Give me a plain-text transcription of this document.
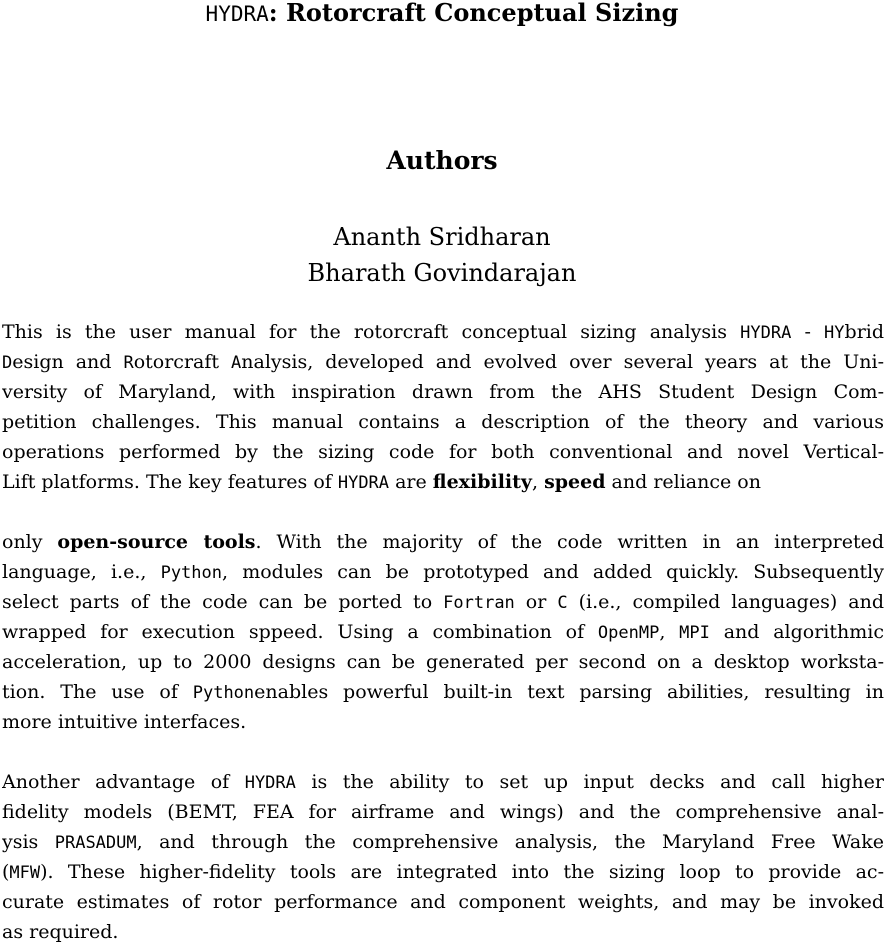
HYDRA: Rotorcraft Conceptual Sizing
Authors
Ananth Sridharan
Bharath Govindarajan
This is the user manual for the rotorcraft conceptual sizing analysis HYDRA - HYbrid
Design and Rotorcraft Analysis, developed and evolved over several years at the Uni-
versity of Maryland, with inspiration drawn from the AHS Student Design Com-
petition challenges. This manual contains a description of the theory and various
operations performed by the sizing code for both conventional and novel Vertical-
Lift platforms. The key features of HYDRA are flexibility, speed and reliance on
only open-source tools. With the majority of the code written in an interpreted
language, i.e., Python, modules can be prototyped and added quickly. Subsequently
select parts of the code can be ported to Fortran or C (i.e., compiled languages) and
wrapped for execution sppeed. Using a combination of OpenMP, MPI and algorithmic
acceleration, up to 2000 designs can be generated per second on a desktop worksta-
tion. The use of Pythonenables powerful built-in text parsing abilities, resulting in
more intuitive interfaces.
Another advantage of HYDRA is the ability to set up input decks and call higher
fidelity models (BEMT, FEA for airframe and wings) and the comprehensive anal-
ysis PRASADUM, and through the comprehensive analysis, the Maryland Free Wake
(MFW). These higher-fidelity tools are integrated into the sizing loop to provide ac-
curate estimates of rotor performance and component weights, and may be invoked
as required.
